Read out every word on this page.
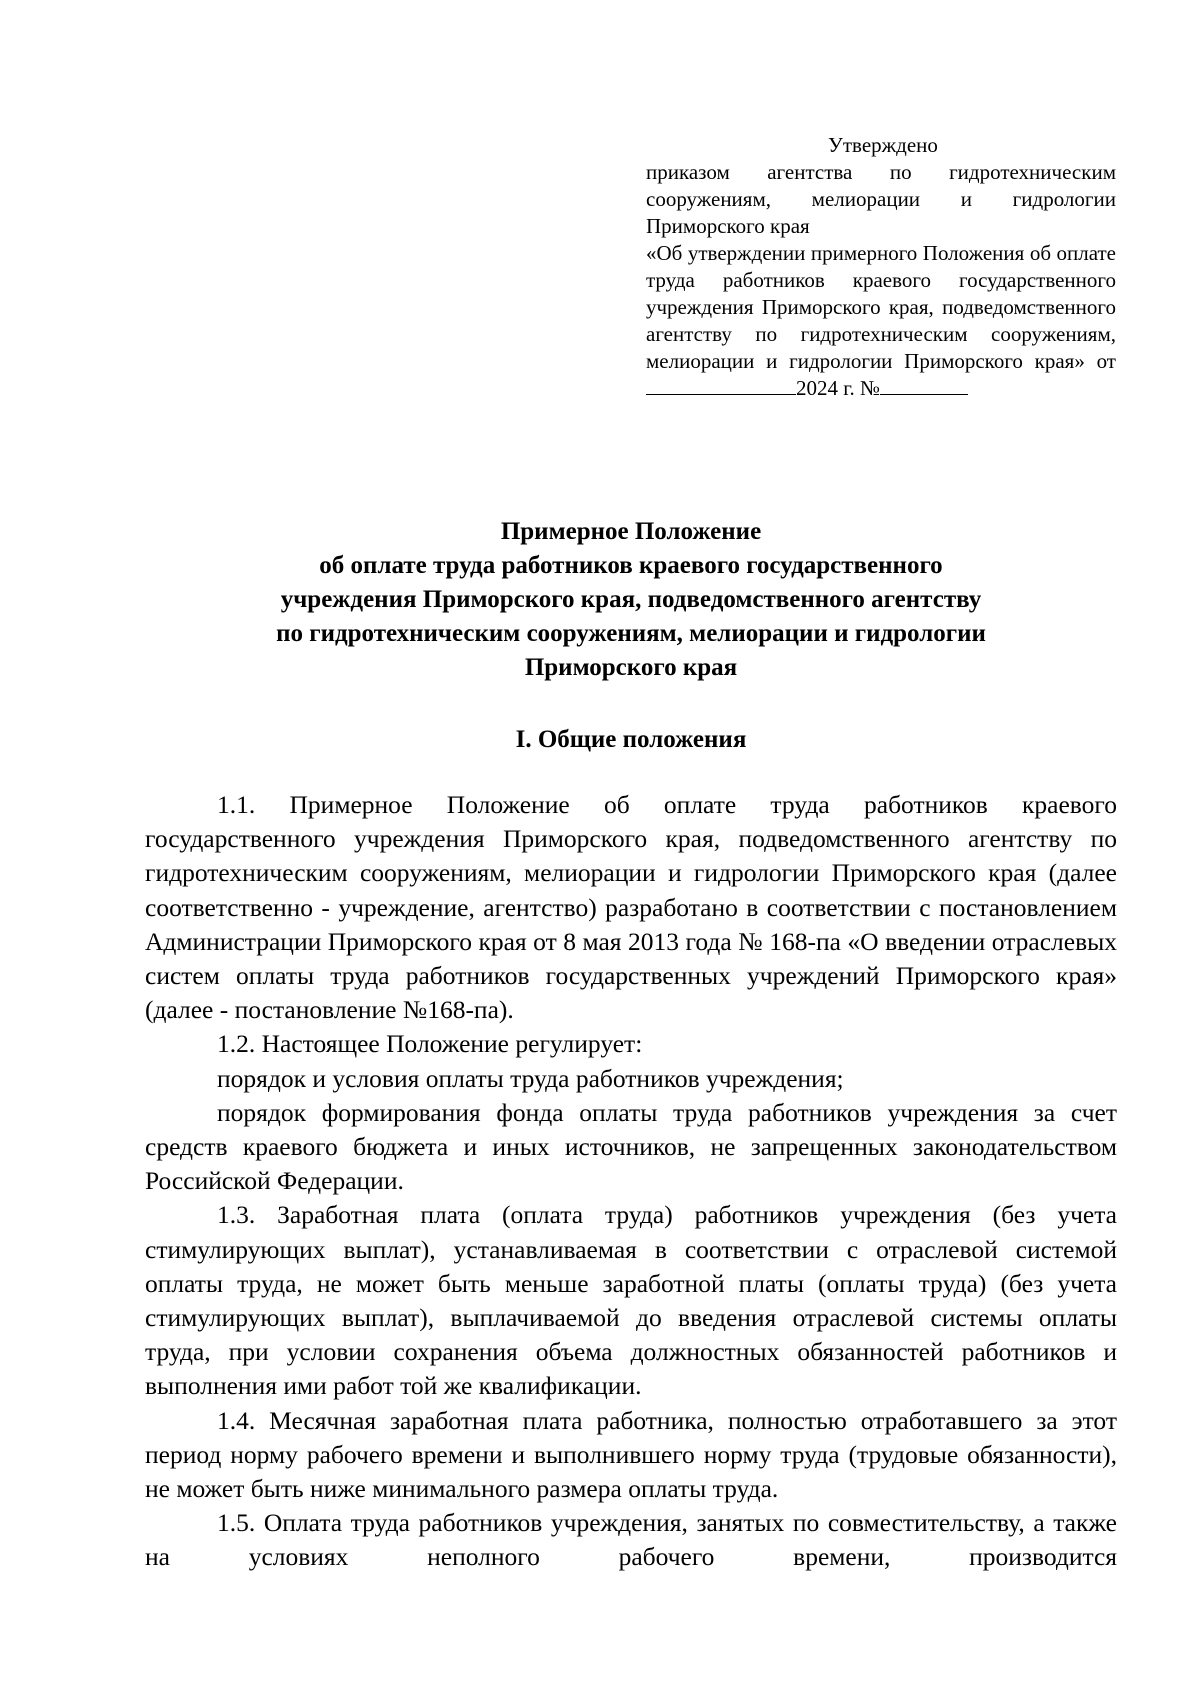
Утверждено

приказом агентства по гидротехническим сооружениям, мелиорации и гидрологии Приморского края

«Об утверждении примерного Положения об оплате труда работников краевого государственного учреждения Приморского края, подведомственного агентству по гидротехническим сооружениям, мелиорации и гидрологии Приморского края» от 2024 г. №

Примерное Положение
об оплате труда работников краевого государственного
учреждения Приморского края, подведомственного агентству
по гидротехническим сооружениям, мелиорации и гидрологии
Приморского края
I. Общие положения

1.1. Примерное Положение об оплате труда работников краевого государственного учреждения Приморского края, подведомственного агентству по гидротехническим сооружениям, мелиорации и гидрологии Приморского края (далее соответственно - учреждение, агентство) разработано в соответствии с постановлением Администрации Приморского края от 8 мая 2013 года № 168-па «О введении отраслевых систем оплаты труда работников государственных учреждений Приморского края» (далее - постановление №168-па).

1.2. Настоящее Положение регулирует:

порядок и условия оплаты труда работников учреждения;

порядок формирования фонда оплаты труда работников учреждения за счет средств краевого бюджета и иных источников, не запрещенных законодательством Российской Федерации.

1.3. Заработная плата (оплата труда) работников учреждения (без учета стимулирующих выплат), устанавливаемая в соответствии с отраслевой системой оплаты труда, не может быть меньше заработной платы (оплаты труда) (без учета стимулирующих выплат), выплачиваемой до введения отраслевой системы оплаты труда, при условии сохранения объема должностных обязанностей работников и выполнения ими работ той же квалификации.

1.4. Месячная заработная плата работника, полностью отработавшего за этот период норму рабочего времени и выполнившего норму труда (трудовые обязанности), не может быть ниже минимального размера оплаты труда.

1.5. Оплата труда работников учреждения, занятых по совместительству, а также на условиях неполного рабочего времени, производится
